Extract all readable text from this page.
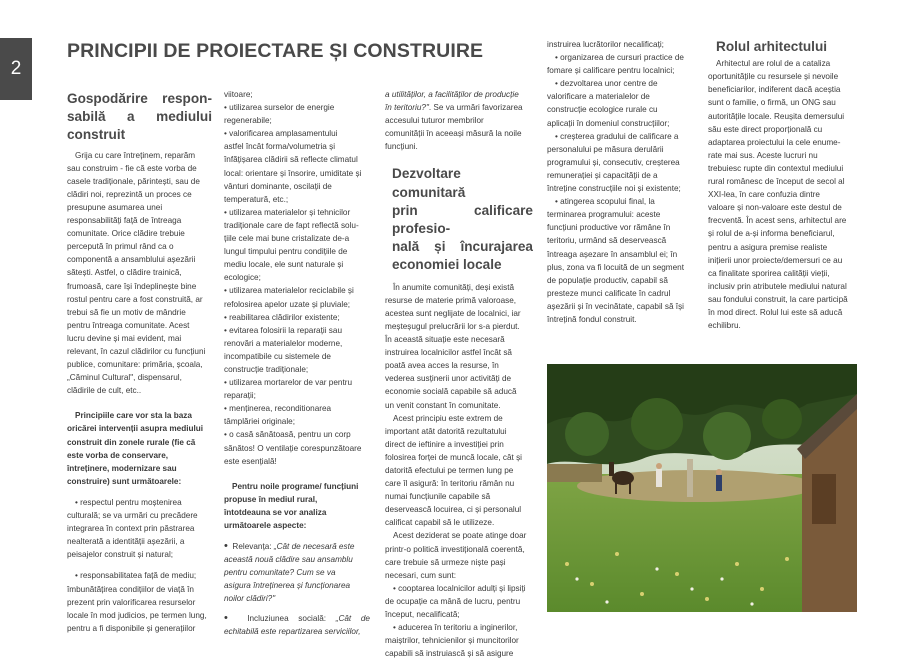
2
PRINCIPII DE PROIECTARE ȘI CONSTRUIRE

Gospodărire respon-

sabilă a mediului

construit

Grija cu care întreținem, reparăm

sau construim - fie că este vorba de

casele tradiționale, părintești, sau de

clădiri noi, reprezintă un proces ce

presupune asumarea unei

responsabilități față de întreaga

comunitate. Orice clădire trebuie

percepută în primul rând ca o

componentă a ansamblului așezării

sătești. Astfel, o clădire trainică,

frumoasă, care își îndeplinește bine

rostul pentru care a fost construită, ar

trebui să fie un motiv de mândrie

pentru întreaga comunitate. Acest

lucru devine și mai evident, mai

relevant, în cazul clădirilor cu funcțiuni

publice, comunitare: primăria, școala,

„Căminul Cultural", dispensarul,

clădirile de cult, etc..

Principiile care vor sta la baza

oricărei intervenții asupra mediului

construit din zonele rurale (fie că

este vorba de conservare,

întreținere, modernizare sau

construire) sunt următoarele:

• respectul pentru moștenirea

culturală; se va urmări cu precădere

integrarea în context prin păstrarea

nealterată a identității așezării, a

peisajelor construit și natural;

• responsabilitatea față de mediu;

îmbunătățirea condițiilor de viață în

prezent prin valorificarea resurselor

locale în mod judicios, pe termen lung,

pentru a fi disponibile și generațiilor

viitoare;

• utilizarea surselor de energie

regenerabile;

• valorificarea amplasamentului

astfel încât forma/volumetria și

înfățișarea clădirii să reflecte climatul

local: orientare și însorire, umiditate și

vânturi dominante, oscilații de

temperatură, etc.;

• utilizarea materialelor și tehnicilor

tradiționale care de fapt reflectă solu-

țiile cele mai bune cristalizate de-a

lungul timpului pentru condițiile de

mediu locale, ele sunt naturale și

ecologice;

• utilizarea materialelor reciclabile și

refolosirea apelor uzate și pluviale;

• reabilitarea clădirilor existente;

• evitarea folosirii la reparații sau

renovări a materialelor moderne,

incompatibile cu sistemele de

construcție tradiționale;

• utilizarea mortarelor de var pentru

reparații;

• menținerea, reconditionarea

tâmplăriei originale;

• o casă sănătoasă, pentru un corp

sănătos! O ventilație corespunzătoare

este esențială!

Pentru noile programe/ funcțiuni

propuse în mediul rural,

întotdeauna se vor analiza

următoarele aspecte:

• Relevanța: „Cât de necesară este

această nouă clădire sau ansamblu

pentru comunitate? Cum se va

asigura întreținerea și funcționarea

noilor clădiri?"

• Incluziunea socială: „Cât de

echitabilă este repartizarea serviciilor,

a utilităților, a facilităților de producție

în teritoriu?". Se va urmări favorizarea

accesului tuturor membrilor

comunității în aceeași măsură la noile

funcțiuni.

Dezvoltare comunitară

prin calificare profesio-

nală și încurajarea

economiei locale

În anumite comunități, deși există

resurse de materie primă valoroase,

acestea sunt neglijate de localnici, iar

meșteșugul prelucrării lor s-a pierdut.

În această situație este necesară

instruirea localnicilor astfel încât să

poată avea acces la resurse, în

vederea susținerii unor activități de

economie socială capabile să aducă

un venit constant în comunitate.

Acest principiu este extrem de

important atât datorită rezultatului

direct de ieftinire a investiției prin

folosirea forței de muncă locale, cât și

datorită efectului pe termen lung pe

care îl asigură: în teritoriu rămân nu

numai funcțiunile capabile să

deservească locuirea, ci și personalul

calificat capabil să le utilizeze.

Acest deziderat se poate atinge doar

printr-o politică investițională coerentă,

care trebuie să urmeze niște pași

necesari, cum sunt:

• cooptarea localnicilor adulți și lipsiți

de ocupație ca mână de lucru, pentru

început, necalificată;

• aducerea în teritoriu a inginerilor,

maiștrilor, tehnicienilor și muncitorilor

capabili să instruiască și să asigure

instruirea lucrătorilor necalificați;

• organizarea de cursuri practice de

fomare și calificare pentru localnici;

• dezvoltarea unor centre de

valorificare a materialelor de

construcție ecologice rurale cu

aplicații în domeniul construcțiilor;

• creșterea gradului de calificare a

personalului pe măsura derulării

programului și, consecutiv, creșterea

remunerației și capacității de a

întreține construcțiile noi și existente;

• atingerea scopului final, la

terminarea programului: aceste

funcțiuni productive vor rămâne în

teritoriu, urmând să deservească

întreaga așezare în ansamblul ei; în

plus, zona va fi locuită de un segment

de populație productiv, capabil să

presteze munci calificate în cadrul

așezării și în vecinătate, capabil să își

întrețină fondul construit.

Rolul arhitectului

Arhitectul are rolul de a cataliza

oportunitățile cu resursele și nevoile

beneficiarilor, indiferent dacă aceștia

sunt o familie, o firmă, un ONG sau

autoritățile locale. Reușita demersului

său este direct proporțională cu

adaptarea proiectului la cele enume-

rate mai sus. Aceste lucruri nu

trebuiesc rupte din contextul mediului

rural românesc de început de secol al

XXI-lea, în care confuzia dintre

valoare și non-valoare este destul de

frecventă. În acest sens, arhitectul are

și rolul de a-și informa beneficiarul,

pentru a asigura premise realiste

inițierii unor proiecte/demersuri ce au

ca finalitate sporirea calității vieții,

inclusiv prin atributele mediului natural

sau fondului construit, la care participă

în mod direct. Rolul lui este să aducă

echilibru.
